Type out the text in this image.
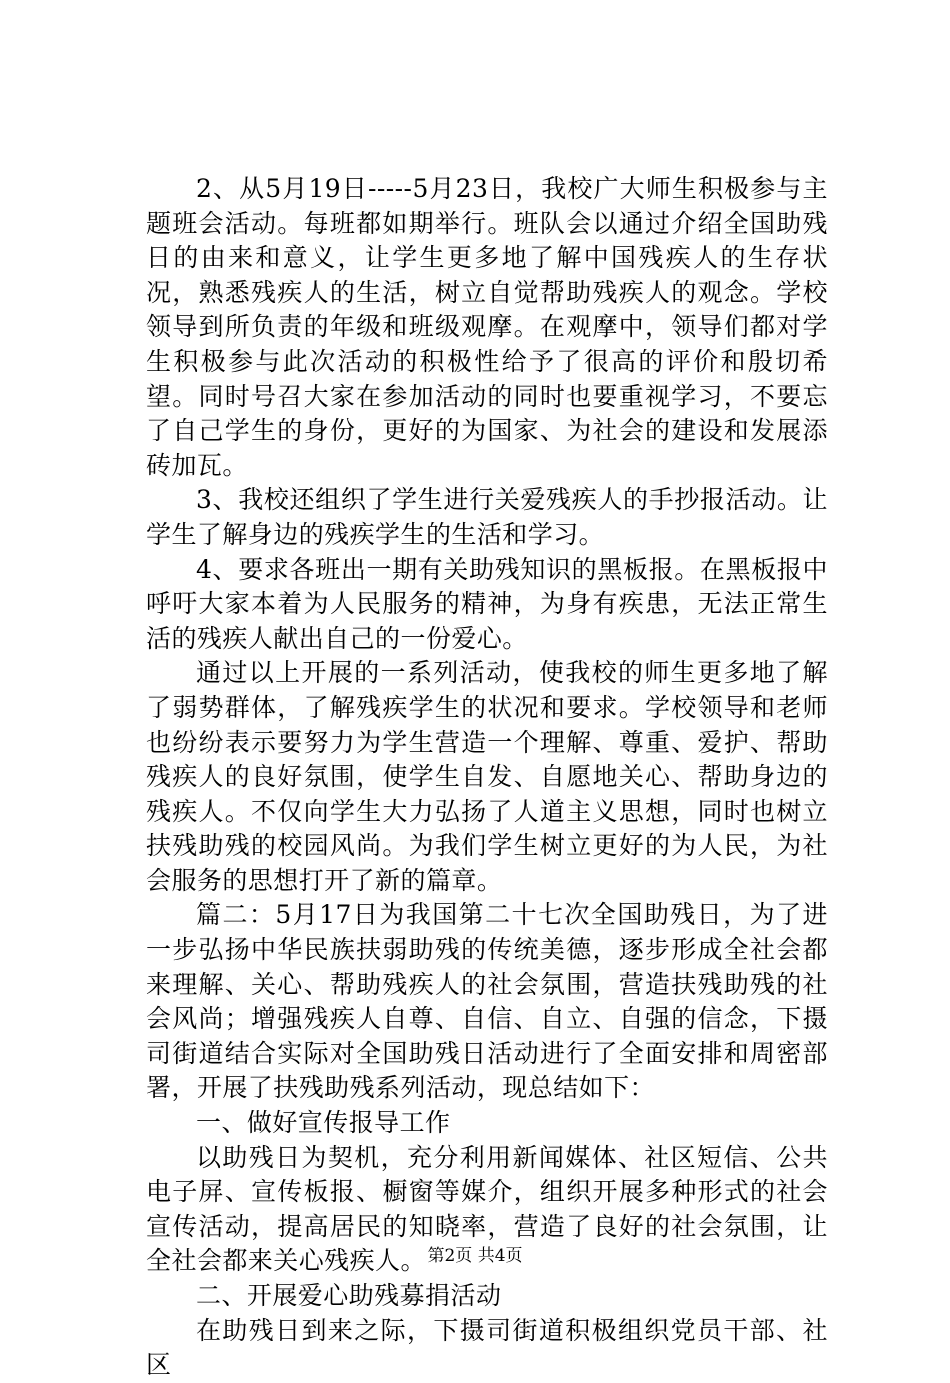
2、从5月19日-----5月23日，我校广大师生积极参与主题班会活动。每班都如期举行。班队会以通过介绍全国助残日的由来和意义，让学生更多地了解中国残疾人的生存状况，熟悉残疾人的生活，树立自觉帮助残疾人的观念。学校领导到所负责的年级和班级观摩。在观摩中，领导们都对学生积极参与此次活动的积极性给予了很高的评价和殷切希望。同时号召大家在参加活动的同时也要重视学习，不要忘了自己学生的身份，更好的为国家、为社会的建设和发展添砖加瓦。

3、我校还组织了学生进行关爱残疾人的手抄报活动。让学生了解身边的残疾学生的生活和学习。

4、要求各班出一期有关助残知识的黑板报。在黑板报中呼吁大家本着为人民服务的精神，为身有疾患，无法正常生活的残疾人献出自己的一份爱心。

通过以上开展的一系列活动，使我校的师生更多地了解了弱势群体，了解残疾学生的状况和要求。学校领导和老师也纷纷表示要努力为学生营造一个理解、尊重、爱护、帮助残疾人的良好氛围，使学生自发、自愿地关心、帮助身边的残疾人。不仅向学生大力弘扬了人道主义思想，同时也树立扶残助残的校园风尚。为我们学生树立更好的为人民，为社会服务的思想打开了新的篇章。

篇二：5月17日为我国第二十七次全国助残日，为了进一步弘扬中华民族扶弱助残的传统美德，逐步形成全社会都来理解、关心、帮助残疾人的社会氛围，营造扶残助残的社会风尚；增强残疾人自尊、自信、自立、自强的信念，下摄司街道结合实际对全国助残日活动进行了全面安排和周密部署，开展了扶残助残系列活动，现总结如下：

一、做好宣传报导工作

以助残日为契机，充分利用新闻媒体、社区短信、公共电子屏、宣传板报、橱窗等媒介，组织开展多种形式的社会宣传活动，提高居民的知晓率，营造了良好的社会氛围，让全社会都来关心残疾人。

二、开展爱心助残募捐活动

在助残日到来之际，下摄司街道积极组织党员干部、社区

第2页 共4页
